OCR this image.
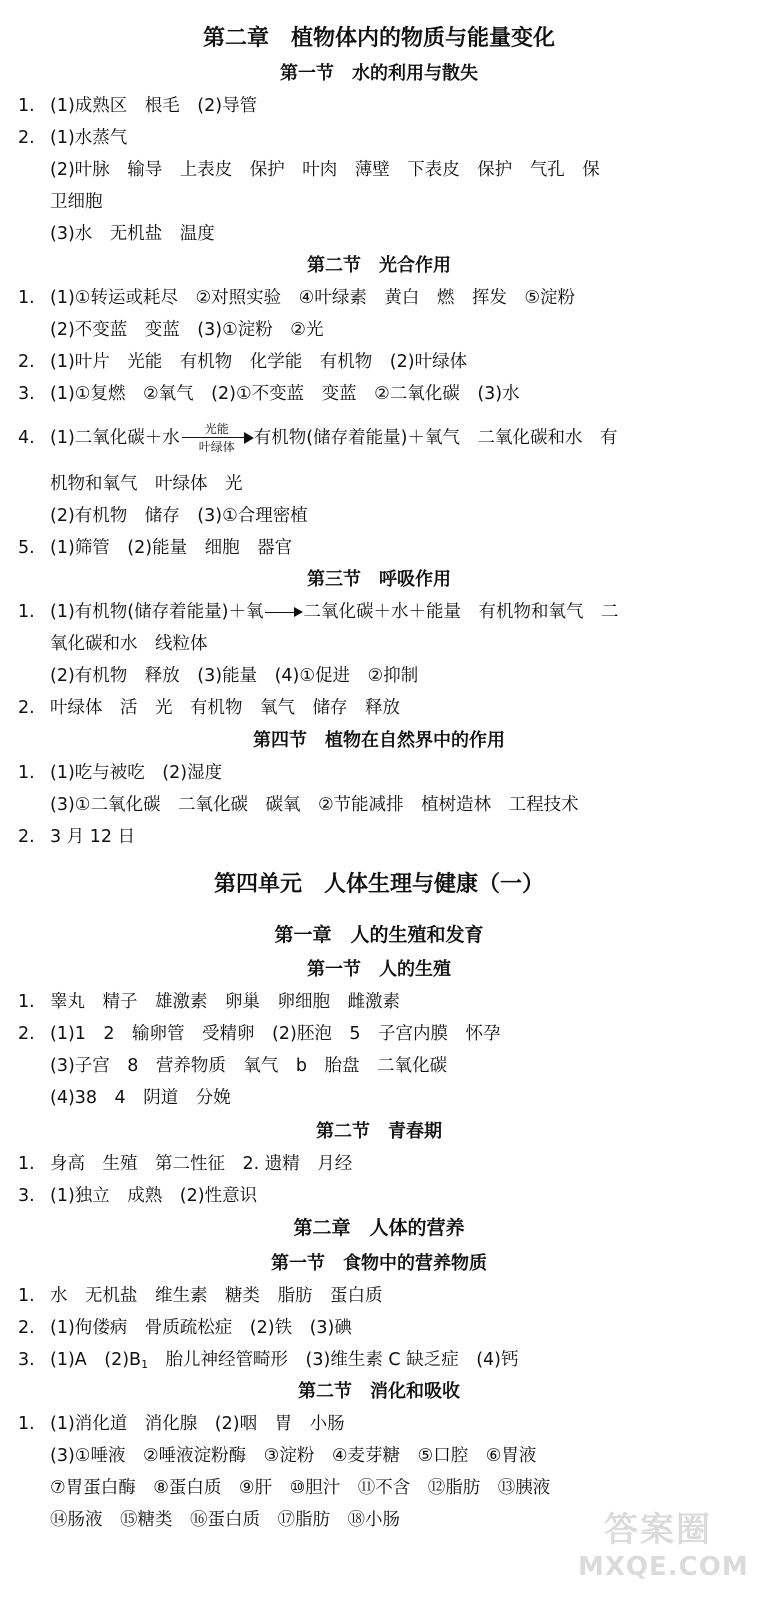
第二章　植物体内的物质与能量变化
第一节　水的利用与散失
1. (1)成熟区　根毛　(2)导管
2. (1)水蒸气
(2)叶脉　输导　上表皮　保护　叶肉　薄壁　下表皮　保护　气孔　保
卫细胞
(3)水　无机盐　温度
第二节　光合作用
1. (1)①转运或耗尽　②对照实验　④叶绿素　黄白　燃　挥发　⑤淀粉
(2)不变蓝　变蓝　(3)①淀粉　②光
2. (1)叶片　光能　有机物　化学能　有机物　(2)叶绿体
3. (1)①复燃　②氧气　(2)①不变蓝　变蓝　②二氧化碳　(3)水
4. (1)二氧化碳＋水	光能
叶绿体	有机物(储存着能量)＋氧气　二氧化碳和水　有
机物和氧气　叶绿体　光
(2)有机物　储存　(3)①合理密植
5. (1)筛管　(2)能量　细胞　器官
第三节　呼吸作用
1. (1)有机物(储存着能量)＋氧 二氧化碳＋水＋能量　有机物和氧气　二
氧化碳和水　线粒体
(2)有机物　释放　(3)能量　(4)①促进　②抑制
2. 叶绿体　活　光　有机物　氧气　储存　释放
第四节　植物在自然界中的作用
1. (1)吃与被吃　(2)湿度
(3)①二氧化碳　二氧化碳　碳氧　②节能减排　植树造林　工程技术
2. 3 月 12 日
第四单元　人体生理与健康（一）
第一章　人的生殖和发育
第一节　人的生殖
1. 睾丸　精子　雄激素　卵巢　卵细胞　雌激素
2. (1)1　2　输卵管　受精卵　(2)胚泡　5　子宫内膜　怀孕
(3)子宫　8　营养物质　氧气　b　胎盘　二氧化碳
(4)38　4　阴道　分娩
第二节　青春期
1. 身高　生殖　第二性征　2. 遗精　月经
3. (1)独立　成熟　(2)性意识
第二章　人体的营养
第一节　食物中的营养物质
1. 水　无机盐　维生素　糖类　脂肪　蛋白质
2. (1)佝偻病　骨质疏松症　(2)铁　(3)碘
3. (1)A　$(2)B_1$　胎儿神经管畸形　(3)维生素 C 缺乏症　(4)钙
第二节　消化和吸收
1. (1)消化道　消化腺　(2)咽　胃　小肠
(3)①唾液　②唾液淀粉酶　③淀粉　④麦芽糖　⑤口腔　⑥胃液
⑦胃蛋白酶　⑧蛋白质　⑨肝　⑩胆汁　⑪不含　⑫脂肪　⑬胰液
⑭肠液　⑮糖类　⑯蛋白质　⑰脂肪　⑱小肠	答案圈
MXQE.COM
